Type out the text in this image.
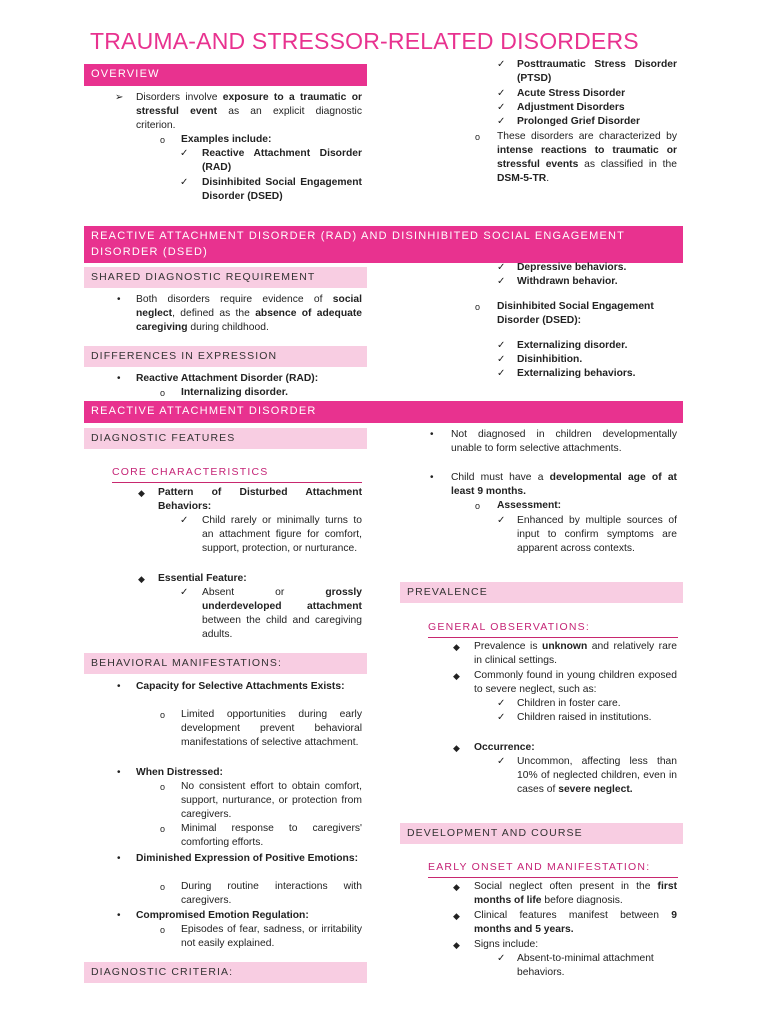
TRAUMA-AND STRESSOR-RELATED DISORDERS
OVERVIEW
➢ Disorders involve exposure to a traumatic or stressful event as an explicit diagnostic criterion.
o Examples include:
✓ Reactive Attachment Disorder (RAD)
✓ Disinhibited Social Engagement Disorder (DSED)
✓ Posttraumatic Stress Disorder (PTSD)
✓ Acute Stress Disorder
✓ Adjustment Disorders
✓ Prolonged Grief Disorder
o These disorders are characterized by intense reactions to traumatic or stressful events as classified in the DSM-5-TR.
REACTIVE ATTACHMENT DISORDER (RAD) AND DISINHIBITED SOCIAL ENGAGEMENT DISORDER (DSED)
SHARED DIAGNOSTIC REQUIREMENT
• Both disorders require evidence of social neglect, defined as the absence of adequate caregiving during childhood.
DIFFERENCES IN EXPRESSION
• Reactive Attachment Disorder (RAD):
o Internalizing disorder.
✓ Depressive behaviors.
✓ Withdrawn behavior.
o Disinhibited Social Engagement Disorder (DSED):
✓ Externalizing disorder.
✓ Disinhibition.
✓ Externalizing behaviors.
REACTIVE ATTACHMENT DISORDER
DIAGNOSTIC FEATURES
CORE CHARACTERISTICS
◆ Pattern of Disturbed Attachment Behaviors:
✓ Child rarely or minimally turns to an attachment figure for comfort, support, protection, or nurturance.
◆ Essential Feature:
✓ Absent or grossly underdeveloped attachment between the child and caregiving adults.
BEHAVIORAL MANIFESTATIONS:
• Capacity for Selective Attachments Exists:
o Limited opportunities during early development prevent behavioral manifestations of selective attachment.
• When Distressed:
o No consistent effort to obtain comfort, support, nurturance, or protection from caregivers.
o Minimal response to caregivers' comforting efforts.
• Diminished Expression of Positive Emotions:
o During routine interactions with caregivers.
• Compromised Emotion Regulation:
o Episodes of fear, sadness, or irritability not easily explained.
DIAGNOSTIC CRITERIA:
• Not diagnosed in children developmentally unable to form selective attachments.
• Child must have a developmental age of at least 9 months.
o Assessment:
✓ Enhanced by multiple sources of input to confirm symptoms are apparent across contexts.
PREVALENCE
GENERAL OBSERVATIONS:
◆ Prevalence is unknown and relatively rare in clinical settings.
◆ Commonly found in young children exposed to severe neglect, such as:
✓ Children in foster care.
✓ Children raised in institutions.
◆ Occurrence:
✓ Uncommon, affecting less than 10% of neglected children, even in cases of severe neglect.
DEVELOPMENT AND COURSE
EARLY ONSET AND MANIFESTATION:
◆ Social neglect often present in the first months of life before diagnosis.
◆ Clinical features manifest between 9 months and 5 years.
◆ Signs include:
✓ Absent-to-minimal attachment behaviors.
